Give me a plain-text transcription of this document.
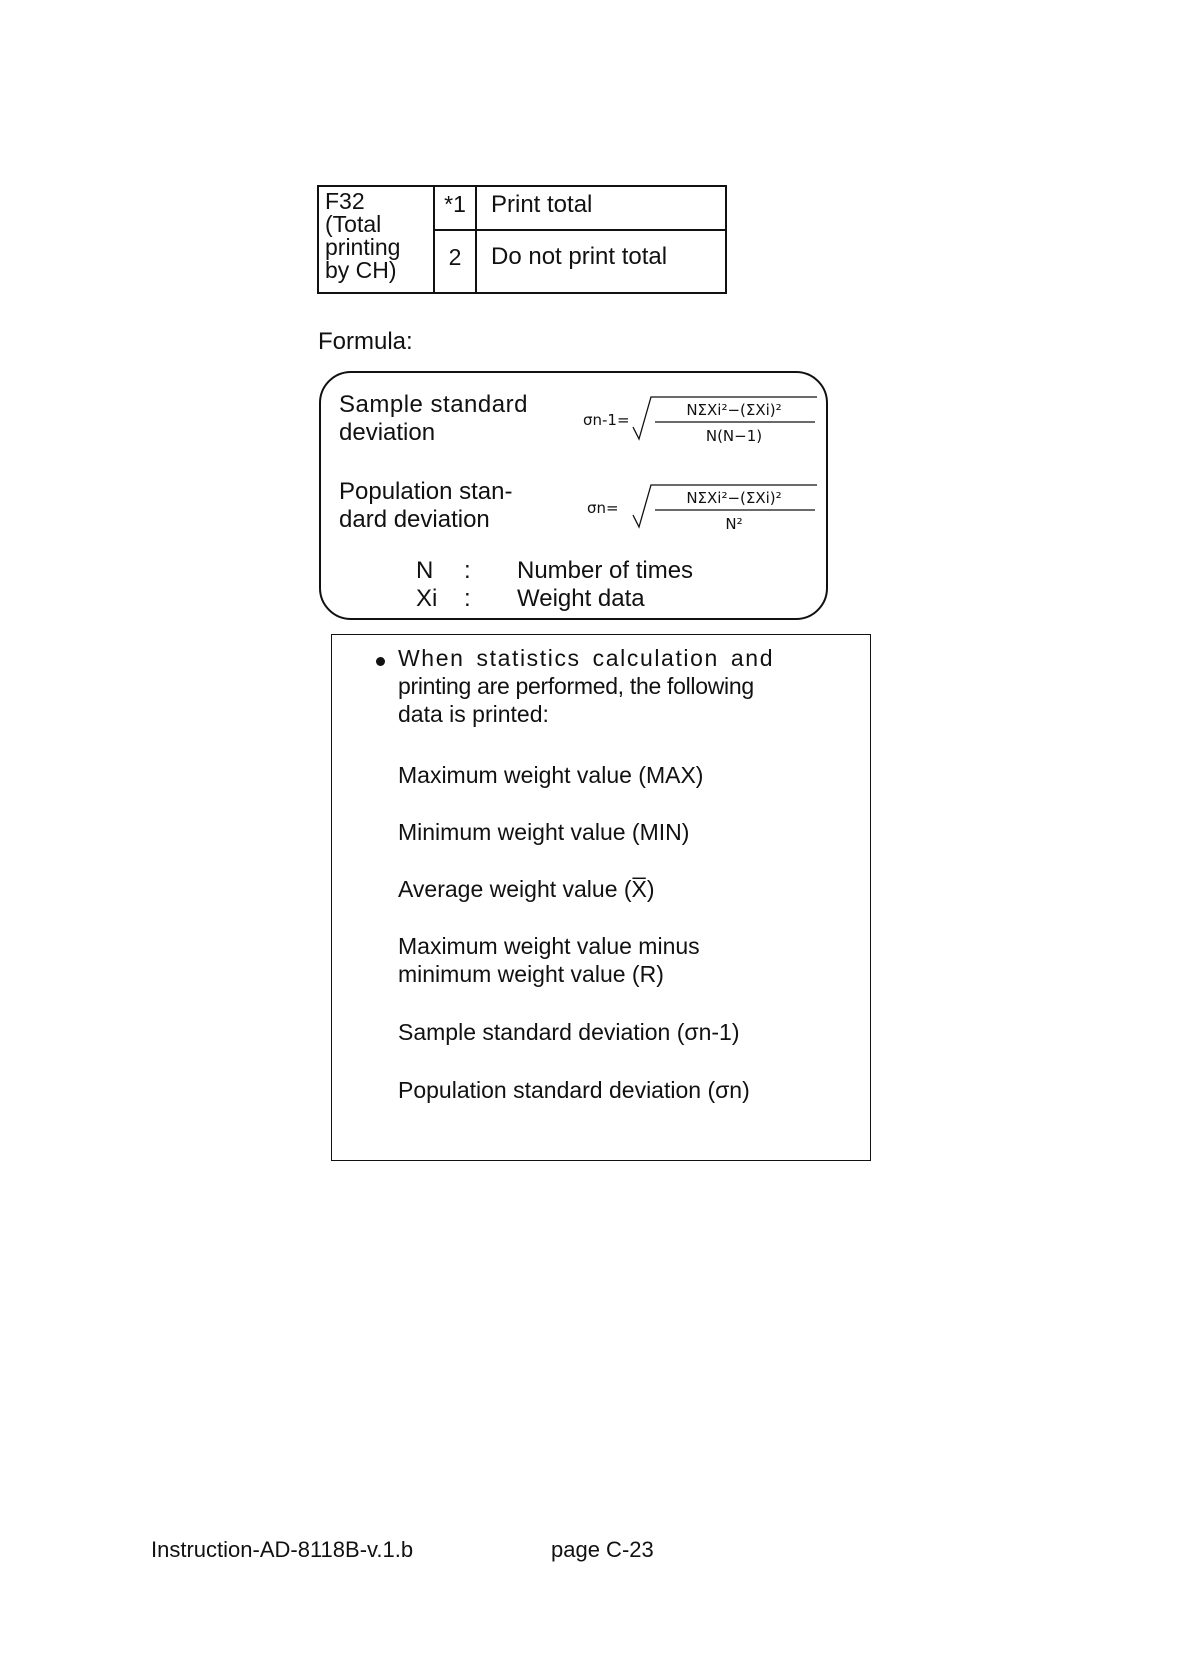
F32
(Total
printing
by CH)
*1	Print total
2	Do not print total
Formula:
Sample standard
deviation	σn-1=
NΣXi²−(ΣXi)²
N(N−1)
Population stan-
dard deviation	σn=
NΣXi²−(ΣXi)²
N²
N : Number of times
Xi : Weight data
When statistics calculation and
printing are performed, the following
data is printed:
Maximum weight value (MAX)
Minimum weight value (MIN)
Average weight value (X̅)
Maximum weight value minus
minimum weight value (R)
Sample standard deviation (σn-1)
Population standard deviation (σn)
Instruction-AD-8118B-v.1.b	page C-23
